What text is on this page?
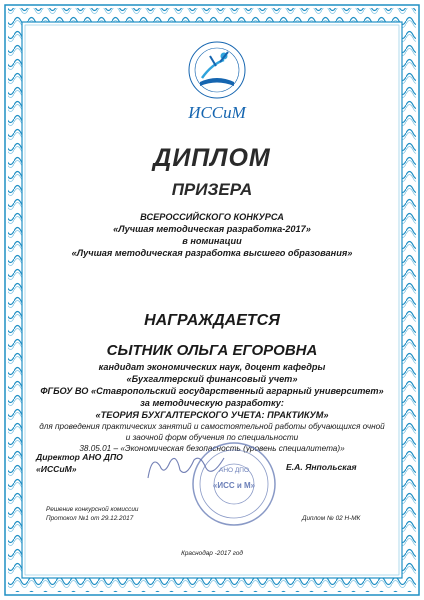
ИССиМ
ДИПЛОМ
ПРИЗЕРА
ВСЕРОССИЙСКОГО КОНКУРСА
«Лучшая методическая разработка-2017»
в номинации
«Лучшая методическая разработка высшего образования»
НАГРАЖДАЕТСЯ
СЫТНИК ОЛЬГА ЕГОРОВНА
кандидат экономических наук, доцент кафедры
«Бухгалтерский финансовый учет»
ФГБОУ ВО «Ставропольский государственный аграрный университет»
за методическую разработку:
«ТЕОРИЯ БУХГАЛТЕРСКОГО УЧЕТА: ПРАКТИКУМ»
для проведения практических занятий и самостоятельной работы обучающихся очной
и заочной форм обучения по специальности
38.05.01 – «Экономическая безопасность (уровень специалитета)»
АНО ДПО
«ИСС и М»
Директор АНО ДПО
«ИССиМ»	Е.А. Янпольская
Решение конкурсной комиссии
Протокол №1 от 29.12.2017	Диплом № 02 Н-МК
Краснодар -2017 год
